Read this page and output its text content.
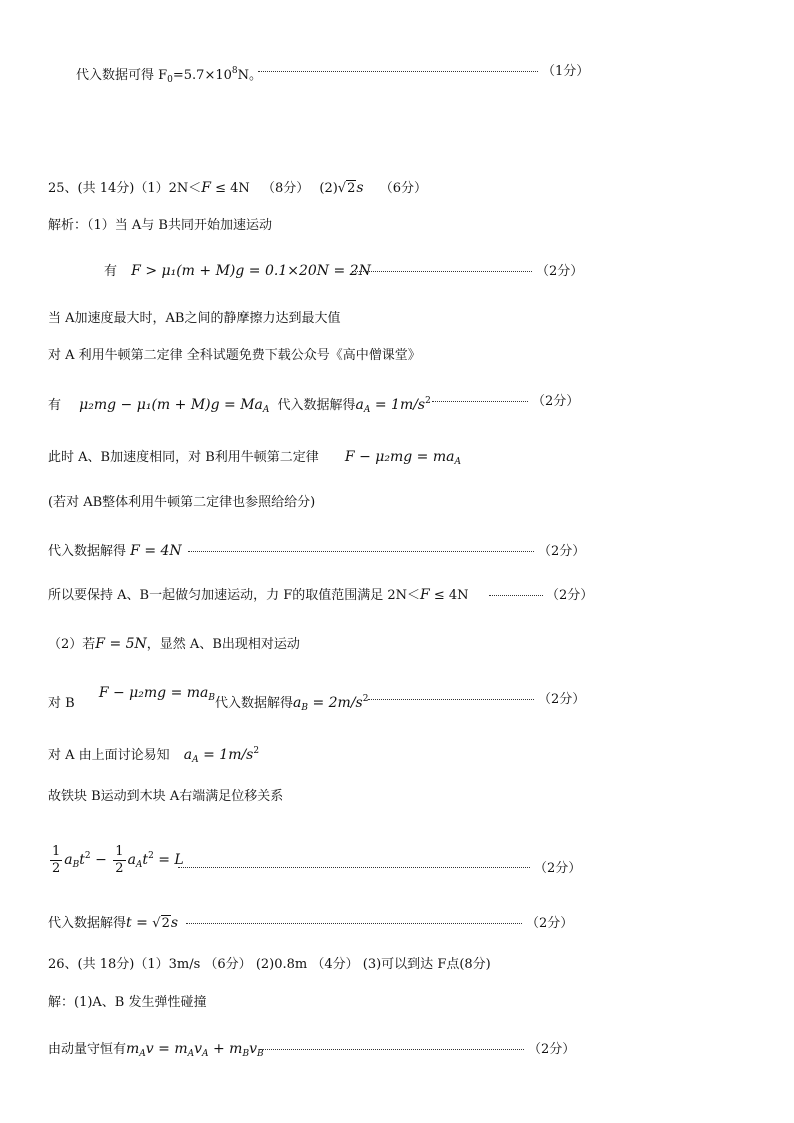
代入数据可得 $F_0=5.7\times 10^8N$。	（1分）
25、(共 14分)（1）2N＜F ≤ 4N （8分） (2)√2s （6分）
解析：（1）当 A与 B共同开始加速运动
有 F > μ₁(m + M)g = 0.1×20N = 2N	（2分）
当 A加速度最大时，AB之间的静摩擦力达到最大值
对 A 利用牛顿第二定律 全科试题免费下载公众号《高中僧课堂》
有 $\mu_2mg - \mu_1(m + M)g = Ma_A$ 代入数据解得$a_A = 1m/s^2$	（2分）
此时 A、B加速度相同，对 B利用牛顿第二定律 $F - \mu_2mg = ma_A$
(若对 AB整体利用牛顿第二定律也参照给给分)
代入数据解得 F = 4N	（2分）
所以要保持 A、B一起做匀加速运动，力 F的取值范围满足 2N＜F ≤ 4N	（2分）
（2）若F = 5N，显然 A、B出现相对运动
对 B $F - \mu_2mg = ma^B$代入数据解得$a_B = 2m/s^2$	（2分）
对 A 由上面讨论易知 $a_A = 1m/s^2$
故铁块 B运动到木块 A右端满足位移关系
$\frac{1}{2} a_Bt^2 - \frac{1}{2} a_At^2 = L$
（2分）
代入数据解得t = √2s	（2分）
26、(共 18分)（1）3m/s （6分） (2)0.8m （4分） (3)可以到达 F点(8分)
解：(1)A、B 发生弹性碰撞
由动量守恒有$m_Av = m_Av_A + m_Bv_B$	（2分）
